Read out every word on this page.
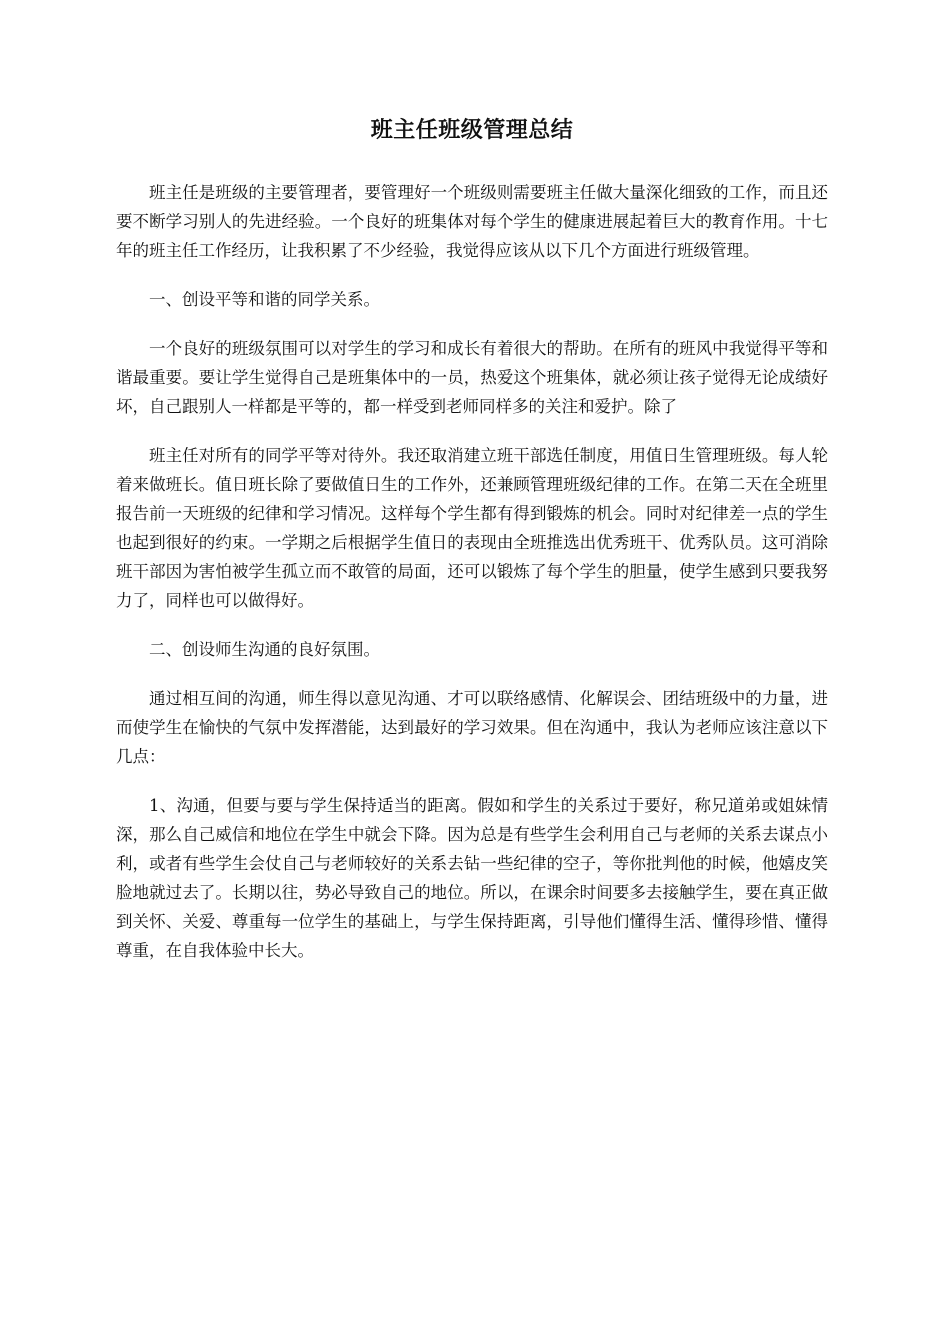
班主任班级管理总结

班主任是班级的主要管理者，要管理好一个班级则需要班主任做大量深化细致的工作，而且还要不断学习别人的先进经验。一个良好的班集体对每个学生的健康进展起着巨大的教育作用。十七年的班主任工作经历，让我积累了不少经验，我觉得应该从以下几个方面进行班级管理。

一、创设平等和谐的同学关系。

一个良好的班级氛围可以对学生的学习和成长有着很大的帮助。在所有的班风中我觉得平等和谐最重要。要让学生觉得自己是班集体中的一员，热爱这个班集体，就必须让孩子觉得无论成绩好坏，自己跟别人一样都是平等的，都一样受到老师同样多的关注和爱护。除了

班主任对所有的同学平等对待外。我还取消建立班干部选任制度，用值日生管理班级。每人轮着来做班长。值日班长除了要做值日生的工作外，还兼顾管理班级纪律的工作。在第二天在全班里报告前一天班级的纪律和学习情况。这样每个学生都有得到锻炼的机会。同时对纪律差一点的学生也起到很好的约束。一学期之后根据学生值日的表现由全班推选出优秀班干、优秀队员。这可消除班干部因为害怕被学生孤立而不敢管的局面，还可以锻炼了每个学生的胆量，使学生感到只要我努力了，同样也可以做得好。

二、创设师生沟通的良好氛围。

通过相互间的沟通，师生得以意见沟通、才可以联络感情、化解误会、团结班级中的力量，进而使学生在愉快的气氛中发挥潜能，达到最好的学习效果。但在沟通中，我认为老师应该注意以下几点：

1、沟通，但要与要与学生保持适当的距离。假如和学生的关系过于要好，称兄道弟或姐妹情深，那么自己威信和地位在学生中就会下降。因为总是有些学生会利用自己与老师的关系去谋点小利，或者有些学生会仗自己与老师较好的关系去钻一些纪律的空子，等你批判他的时候，他嬉皮笑脸地就过去了。长期以往，势必导致自己的地位。所以，在课余时间要多去接触学生，要在真正做到关怀、关爱、尊重每一位学生的基础上，与学生保持距离，引导他们懂得生活、懂得珍惜、懂得尊重，在自我体验中长大。
